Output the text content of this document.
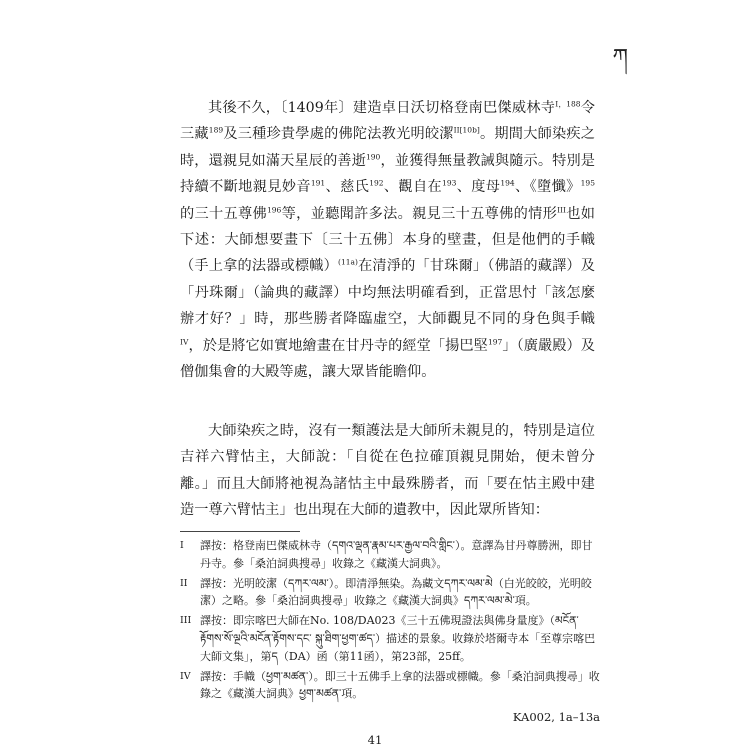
ཀ

其後不久，〔1409年〕建造卓日沃切格登南巴傑威林寺$^{I,188}$令三藏$^{189}$及三種珍貴學處的佛陀法教光明皎潔$^{II[10b]}$。期間大師染疾之時，還親見如滿天星辰的善逝$^{190}$，並獲得無量教誡與隨示。特別是持續不斷地親見妙音$^{191}$、慈氏$^{192}$、觀自在$^{193}$、度母$^{194}$、《墮懺》$^{195}$的三十五尊佛$^{196}$等，並聽聞許多法。親見三十五尊佛的情形$^{III}$也如下述：大師想要畫下〔三十五佛〕本身的壁畫，但是他們的手幟（手上拿的法器或標幟）$^{(11a)}$在清淨的「甘珠爾」（佛語的藏譯）及「丹珠爾」（論典的藏譯）中均無法明確看到，正當思忖「該怎麼辦才好？」時，那些勝者降臨虛空，大師觀見不同的身色與手幟$^{IV}$，於是將它如實地繪畫在甘丹寺的經堂「揚巴堅$^{197}$」（廣嚴殿）及僧伽集會的大殿等處，讓大眾皆能瞻仰。

大師染疾之時，沒有一類護法是大師所未親見的，特別是這位吉祥六臂怙主，大師說：「自從在色拉確頂親見開始，便未曾分離。」而且大師將祂視為諸怙主中最殊勝者，而「要在怙主殿中建造一尊六臂怙主」也出現在大師的遺教中，因此眾所皆知：

I	譯按：格登南巴傑威林寺（དགའ་ལྡན་རྣམ་པར་རྒྱལ་བའི་གླིང་）。意譯為甘丹尊勝洲，即甘丹寺。參「桑泊詞典搜尋」收錄之《藏漢大詞典》。
II	譯按：光明皎潔（དཀར་ལམ་）。即清淨無染。為藏文དཀར་ལམ་མེ（白光皎皎，光明皎潔）之略。參「桑泊詞典搜尋」收錄之《藏漢大詞典》དཀར་ལམ་མེ་項。
III 譯按：即宗喀巴大師在No. 108/DA023《三十五佛現證法與佛身量度》（མངོན་རྟོགས་སོ་ལྔའི་མངོན་རྟོགས་དང་ སྐུ་ཐིག་ཕྱག་ཚད་）描述的景象。收錄於塔爾寺本「至尊宗喀巴大師文集」，第ད（DA）函（第11函），第23部，25ff。
IV 譯按：手幟（ཕྱག་མཚན་）。即三十五佛手上拿的法器或標幟。參「桑泊詞典搜尋」收錄之《藏漢大詞典》ཕྱག་མཚན་項。
KA002, 1a–13a
41
